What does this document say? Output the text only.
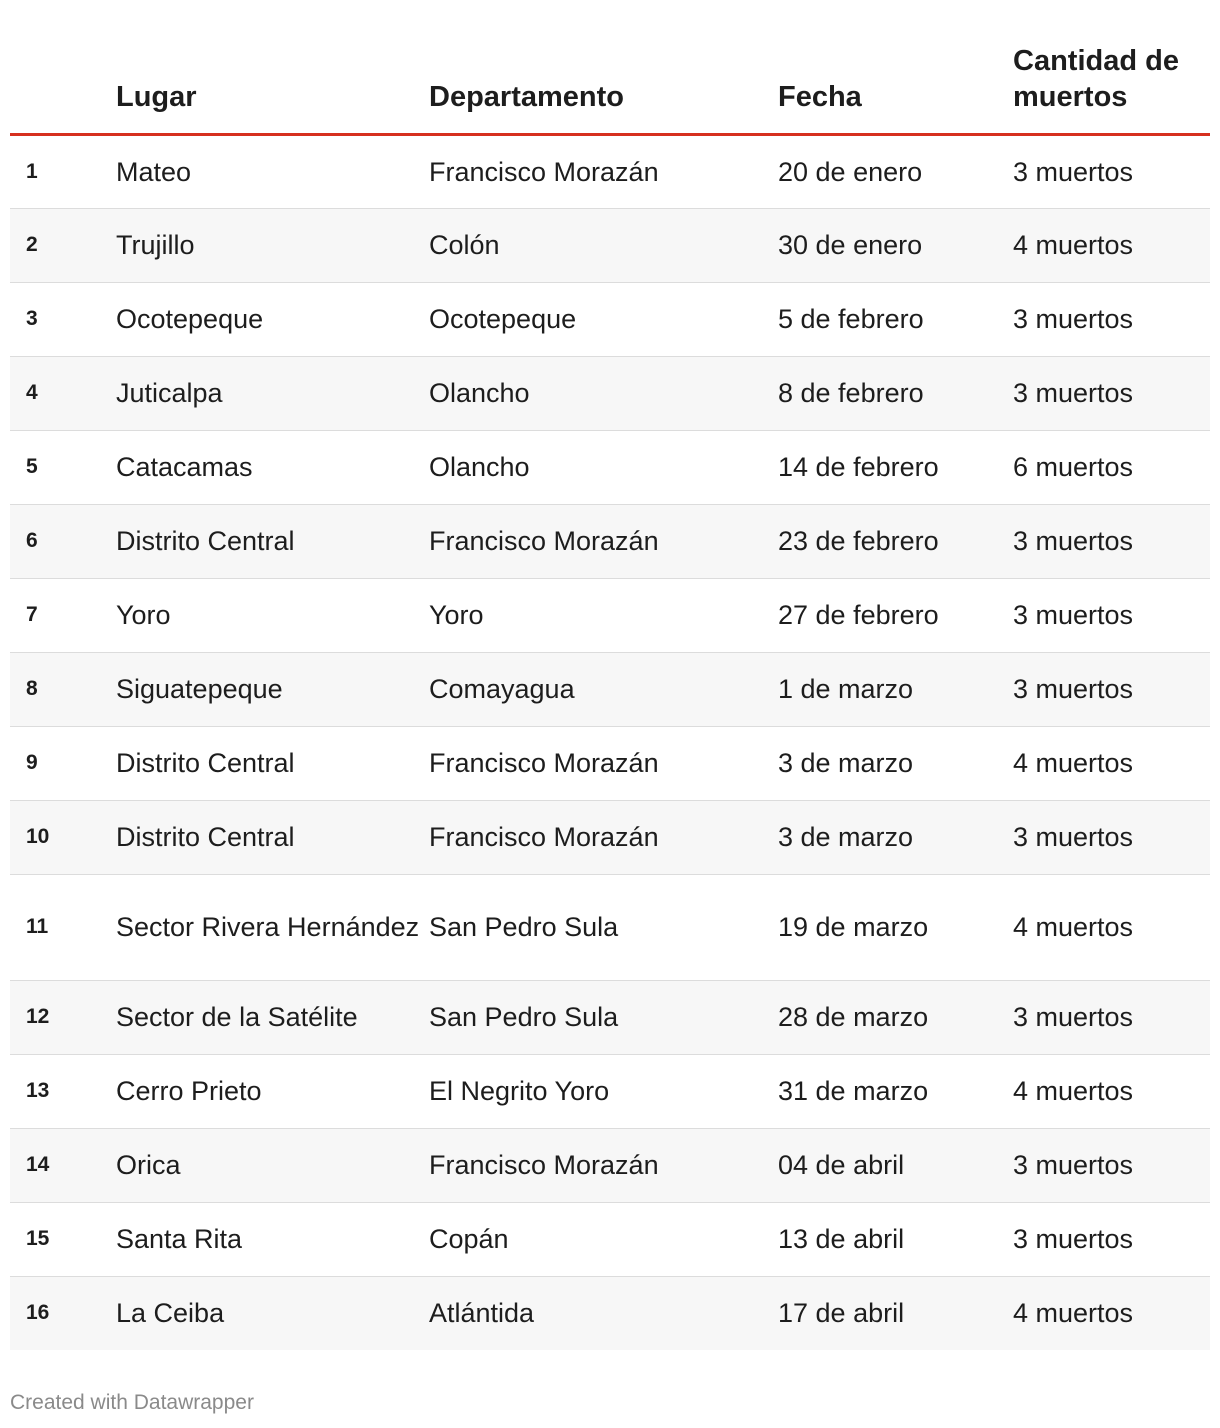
	Lugar	Departamento	Fecha	Cantidad de muertos
1	Mateo	Francisco Morazán	20 de enero	3 muertos
2	Trujillo	Colón	30 de enero	4 muertos
3	Ocotepeque	Ocotepeque	5 de febrero	3 muertos
4	Juticalpa	Olancho	8 de febrero	3 muertos
5	Catacamas	Olancho	14 de febrero	6 muertos
6	Distrito Central	Francisco Morazán	23 de febrero	3 muertos
7	Yoro	Yoro	27 de febrero	3 muertos
8	Siguatepeque	Comayagua	1 de marzo	3 muertos
9	Distrito Central	Francisco Morazán	3 de marzo	4 muertos
10	Distrito Central	Francisco Morazán	3 de marzo	3 muertos
11	Sector Rivera Hernández	San Pedro Sula	19 de marzo	4 muertos
12	Sector de la Satélite	San Pedro Sula	28 de marzo	3 muertos
13	Cerro Prieto	El Negrito Yoro	31 de marzo	4 muertos
14	Orica	Francisco Morazán	04 de abril	3 muertos
15	Santa Rita	Copán	13 de abril	3 muertos
16	La Ceiba	Atlántida	17 de abril	4 muertos
Created with Datawrapper
